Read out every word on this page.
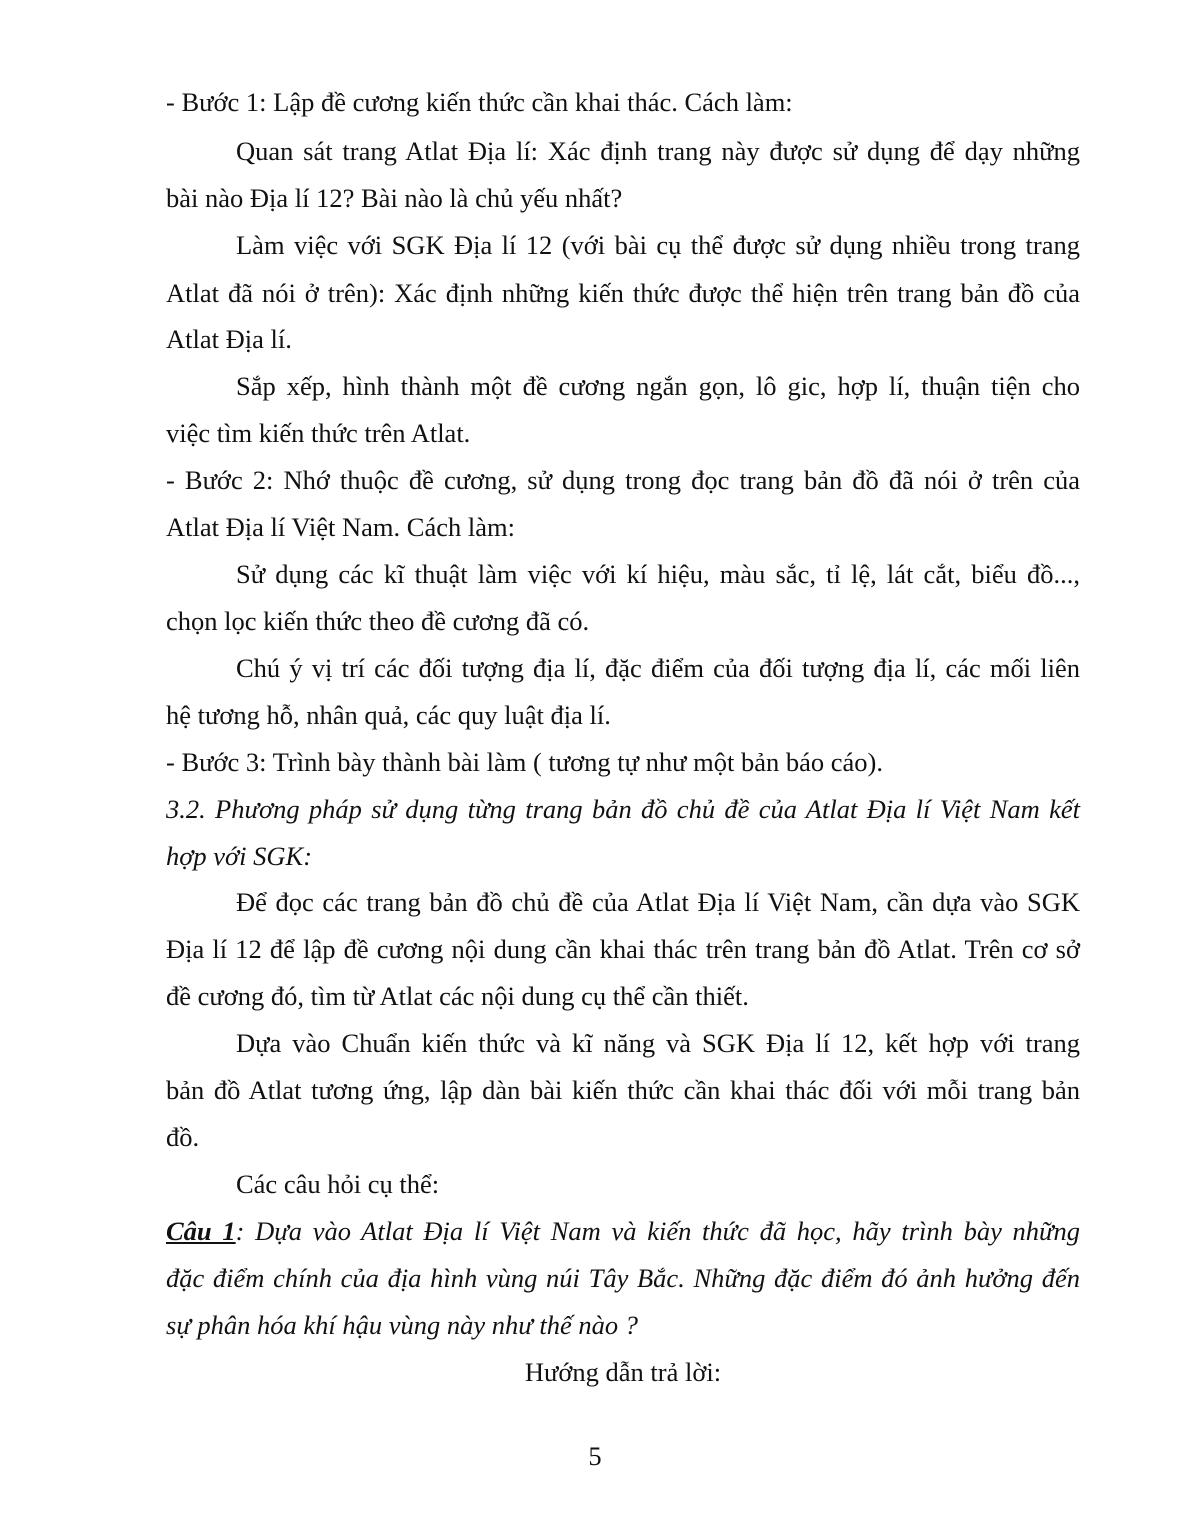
- Bước 1: Lập đề cương kiến thức cần khai thác. Cách làm:
Quan sát trang Atlat Địa lí: Xác định trang này được sử dụng để dạy những
bài nào Địa lí 12? Bài nào là chủ yếu nhất?
Làm việc với SGK Địa lí 12 (với bài cụ thể được sử dụng nhiều trong trang
Atlat đã nói ở trên): Xác định những kiến thức được thể hiện trên trang bản đồ của
Atlat Địa lí.
Sắp xếp, hình thành một đề cương ngắn gọn, lô gic, hợp lí, thuận tiện cho
việc tìm kiến thức trên Atlat.
- Bước 2: Nhớ thuộc đề cương, sử dụng trong đọc trang bản đồ đã nói ở trên của
Atlat Địa lí Việt Nam. Cách làm:
Sử dụng các kĩ thuật làm việc với kí hiệu, màu sắc, tỉ lệ, lát cắt, biểu đồ...,
chọn lọc kiến thức theo đề cương đã có.
Chú ý vị trí các đối tượng địa lí, đặc điểm của đối tượng địa lí, các mối liên
hệ tương hỗ, nhân quả, các quy luật địa lí.
- Bước 3: Trình bày thành bài làm ( tương tự như một bản báo cáo).
3.2. Phương pháp sử dụng từng trang bản đồ chủ đề của Atlat Địa lí Việt Nam kết
hợp với SGK:
Để đọc các trang bản đồ chủ đề của Atlat Địa lí Việt Nam, cần dựa vào SGK
Địa lí 12 để lập đề cương nội dung cần khai thác trên trang bản đồ Atlat. Trên cơ sở
đề cương đó, tìm từ Atlat các nội dung cụ thể cần thiết.
Dựa vào Chuẩn kiến thức và kĩ năng và SGK Địa lí 12, kết hợp với trang
bản đồ Atlat tương ứng, lập dàn bài kiến thức cần khai thác đối với mỗi trang bản
đồ.
Các câu hỏi cụ thể:
Câu 1: Dựa vào Atlat Địa lí Việt Nam và kiến thức đã học, hãy trình bày những
đặc điểm chính của địa hình vùng núi Tây Bắc. Những đặc điểm đó ảnh hưởng đến
sự phân hóa khí hậu vùng này như thế nào ?
Hướng dẫn trả lời:
5
